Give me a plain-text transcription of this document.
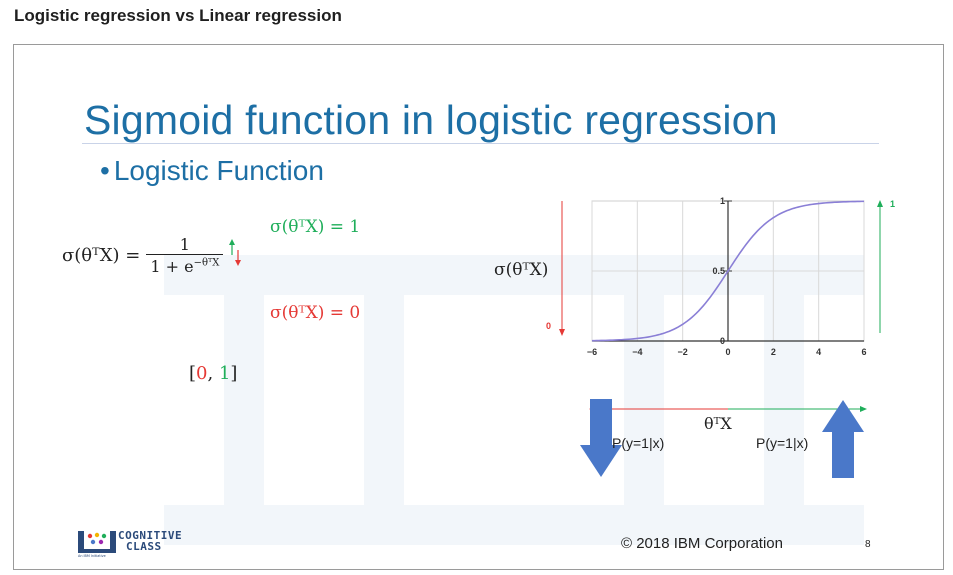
Logistic regression vs Linear regression
Sigmoid function in logistic regression
• Logistic Function
σ(θᵀX) =	
1
$1 + e^{-\theta ᵀX}$

σ(θᵀX) = 1
σ(θᵀX) = 0
[0, 1]
−6	−4	−2	0	2	4	6
0
0.5
1
σ(θᵀX)
θᵀX
0
1
P(y=1|x)	P(y=1|x)
An IBM Initiative
COGNITIVE
CLASS	© 2018 IBM Corporation	8
